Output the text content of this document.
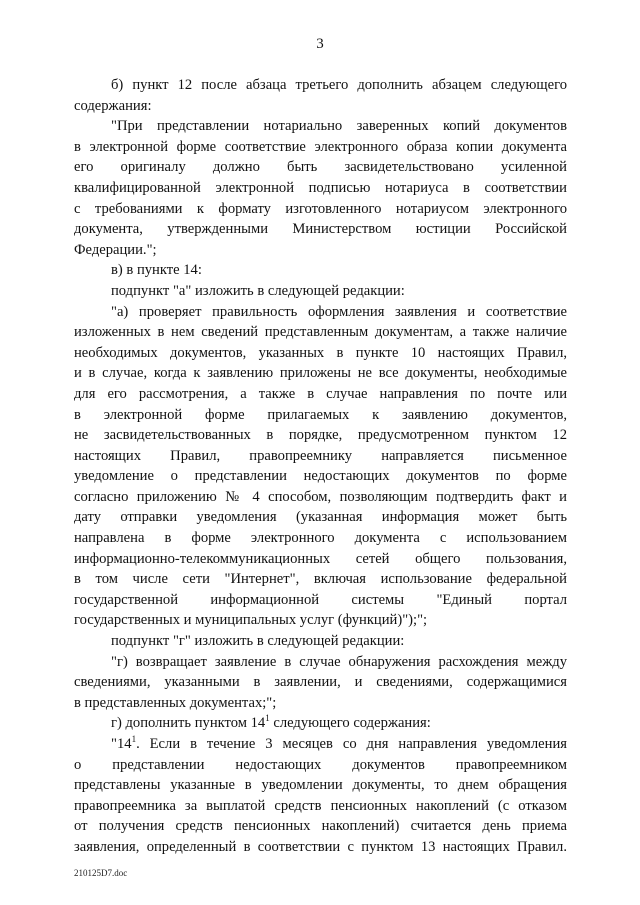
3
б) пункт 12 после абзаца третьего дополнить абзацем следующего
содержания:
"При представлении нотариально заверенных копий документов
в электронной форме соответствие электронного образа копии документа
его оригиналу должно быть засвидетельствовано усиленной
квалифицированной электронной подписью нотариуса в соответствии
с требованиями к формату изготовленного нотариусом электронного
документа, утвержденными Министерством юстиции Российской
Федерации.";
в) в пункте 14:
подпункт "а" изложить в следующей редакции:
"а) проверяет правильность оформления заявления и соответствие
изложенных в нем сведений представленным документам, а также наличие
необходимых документов, указанных в пункте 10 настоящих Правил,
и в случае, когда к заявлению приложены не все документы, необходимые
для его рассмотрения, а также в случае направления по почте или
в электронной форме прилагаемых к заявлению документов,
не засвидетельствованных в порядке, предусмотренном пунктом 12
настоящих Правил, правопреемнику направляется письменное
уведомление о представлении недостающих документов по форме
согласно приложению № 4 способом, позволяющим подтвердить факт и
дату отправки уведомления (указанная информация может быть
направлена в форме электронного документа с использованием
информационно-телекоммуникационных сетей общего пользования,
в том числе сети "Интернет", включая использование федеральной
государственной информационной системы "Единый портал
государственных и муниципальных услуг (функций)");";
подпункт "г" изложить в следующей редакции:
"г) возвращает заявление в случае обнаружения расхождения между
сведениями, указанными в заявлении, и сведениями, содержащимися
в представленных документах;";
г) дополнить пунктом $14^1$ следующего содержания:
"$14^1$. Если в течение 3 месяцев со дня направления уведомления
о представлении недостающих документов правопреемником
представлены указанные в уведомлении документы, то днем обращения
правопреемника за выплатой средств пенсионных накоплений (с отказом
от получения средств пенсионных накоплений) считается день приема
заявления, определенный в соответствии с пунктом 13 настоящих Правил.
210125D7.doc
